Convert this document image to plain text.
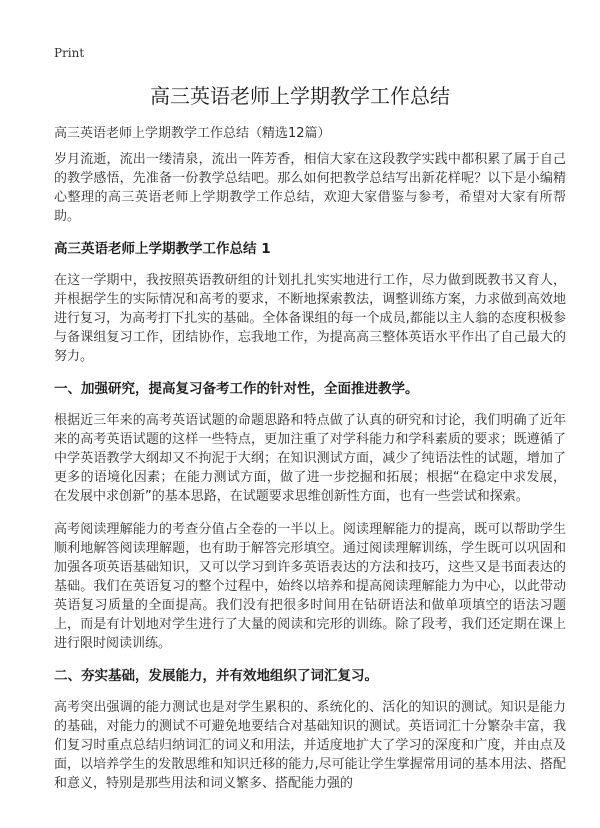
Print
高三英语老师上学期教学工作总结
高三英语老师上学期教学工作总结（精选12篇）

岁月流逝，流出一缕清泉，流出一阵芳香，相信大家在这段教学实践中都积累了属于自己的教学感悟，先准备一份教学总结吧。那么如何把教学总结写出新花样呢？以下是小编精心整理的高三英语老师上学期教学工作总结，欢迎大家借鉴与参考，希望对大家有所帮助。

高三英语老师上学期教学工作总结 1

在这一学期中，我按照英语教研组的计划扎扎实实地进行工作，尽力做到既教书又育人，并根据学生的实际情况和高考的要求，不断地探索教法，调整训练方案，力求做到高效地进行复习，为高考打下扎实的基础。全体备课组的每一个成员,都能以主人翁的态度积极参与备课组复习工作，团结协作，忘我地工作，为提高高三整体英语水平作出了自己最大的努力。

一、加强研究，提高复习备考工作的针对性，全面推进教学。

根据近三年来的高考英语试题的命题思路和特点做了认真的研究和讨论，我们明确了近年来的高考英语试题的这样一些特点，更加注重了对学科能力和学科素质的要求；既遵循了中学英语教学大纲却又不拘泥于大纲；在知识测试方面，减少了纯语法性的试题，增加了更多的语境化因素；在能力测试方面，做了进一步挖掘和拓展；根据“在稳定中求发展，在发展中求创新”的基本思路，在试题要求思维创新性方面，也有一些尝试和探索。

高考阅读理解能力的考查分值占全卷的一半以上。阅读理解能力的提高，既可以帮助学生顺利地解答阅读理解题，也有助于解答完形填空。通过阅读理解训练，学生既可以巩固和加强各项英语基础知识，又可以学习到许多英语表达的方法和技巧，这些又是书面表达的基础。我们在英语复习的整个过程中，始终以培养和提高阅读理解能力为中心，以此带动英语复习质量的全面提高。我们没有把很多时间用在钻研语法和做单项填空的语法习题上，而是有计划地对学生进行了大量的阅读和完形的训练。除了段考，我们还定期在课上进行限时阅读训练。

二、夯实基础，发展能力，并有效地组织了词汇复习。

高考突出强调的能力测试也是对学生累积的、系统化的、活化的知识的测试。知识是能力的基础，对能力的测试不可避免地要结合对基础知识的测试。英语词汇十分繁杂丰富，我们复习时重点总结归纳词汇的词义和用法，并适度地扩大了学习的深度和广度，并由点及面，以培养学生的发散思维和知识迁移的能力,尽可能让学生掌握常用词的基本用法、搭配和意义，特别是那些用法和词义繁多、搭配能力强的
